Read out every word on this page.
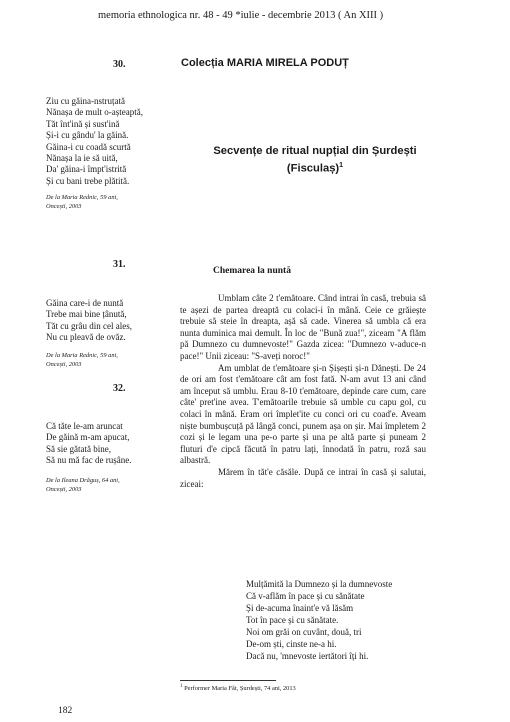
memoria ethnologica nr. 48 - 49 *iulie - decembrie 2013 ( An XIII )
30.	Colecția MARIA MIRELA PODUȚ
Ziu cu găina-nstruțată
Nănașa de mult o-așteaptă,
Tăt înt'ină și sust'ină
Și-i cu gându' la găină.
Găina-i cu coadă scurtă
Nănașa la ie să uită,
Da' găina-i împt'istrită
Și cu bani trebe plătită.
De la Maria Rednic, 59 ani,
Oncești, 2003
31.
Găina care-i de nuntă
Trebe mai bine țânută,
Tăt cu grâu din cel ales,
Nu cu pleavă de ovăz.
De la Maria Rednic, 59 ani,
Oncești, 2003
32.
Că tăte le-am aruncat
De găină m-am apucat,
Să sie gătată bine,
Să nu mă fac de rușâne.
De la Ileana Drăguș, 64 ani,
Oncești, 2003
Secvențe de ritual nupțial din Șurdești
(Fisculaș)$^1$
Chemarea la nuntă

Umblam câte 2 t'emătoare. Când intrai în casă, trebuia să te așezi de partea dreaptă cu colaci-i în mână. Ceie ce grăiește trebuie să steie în dreapta, așă să cade. Vinerea să umbla că era nunta duminica mai demult. În loc de "Bună zua!", ziceam "A flăm pă Dumnezo cu dumnevoste!" Gazda zicea: "Dumnezo v-aduce-n pace!" Unii ziceau: "S-aveți noroc!"

Am umblat de t'emătoare și-n Șișești și-n Dănești. De 24 de ori am fost t'emătoare cât am fost fată. N-am avut 13 ani când am început să umblu. Erau 8-10 t'emătoare, depinde care cum, care câte' pret'ine avea. T'emătoarile trebuie să umble cu capu gol, cu colaci în mână. Eram ori împlet'ite cu conci ori cu coad'e. Aveam niște bumbușcuță pă lângă conci, punem așa on șir. Mai împletem 2 cozi și le legam una pe-o parte și una pe altă parte și puneam 2 fluturi d'e cipcă făcută în patru lați, înnodată în patru, roză sau albastră.

Mărem în tăt'e căsăle. După ce intrai în casă și salutai, ziceai:

Mulțămită la Dumnezo și la dumnevoste
Că v-aflăm în pace și cu sănătate
Și de-acuma înaint'e vă lăsăm
Tot în pace și cu sănătate.
Noi om grăi on cuvânt, două, tri
De-om ști, cinste ne-a hi.
Dacă nu, 'mnevoste iertători îți hi.
$^1$ Performer Maria Făt, Șurdești, 74 ani, 2013
182
